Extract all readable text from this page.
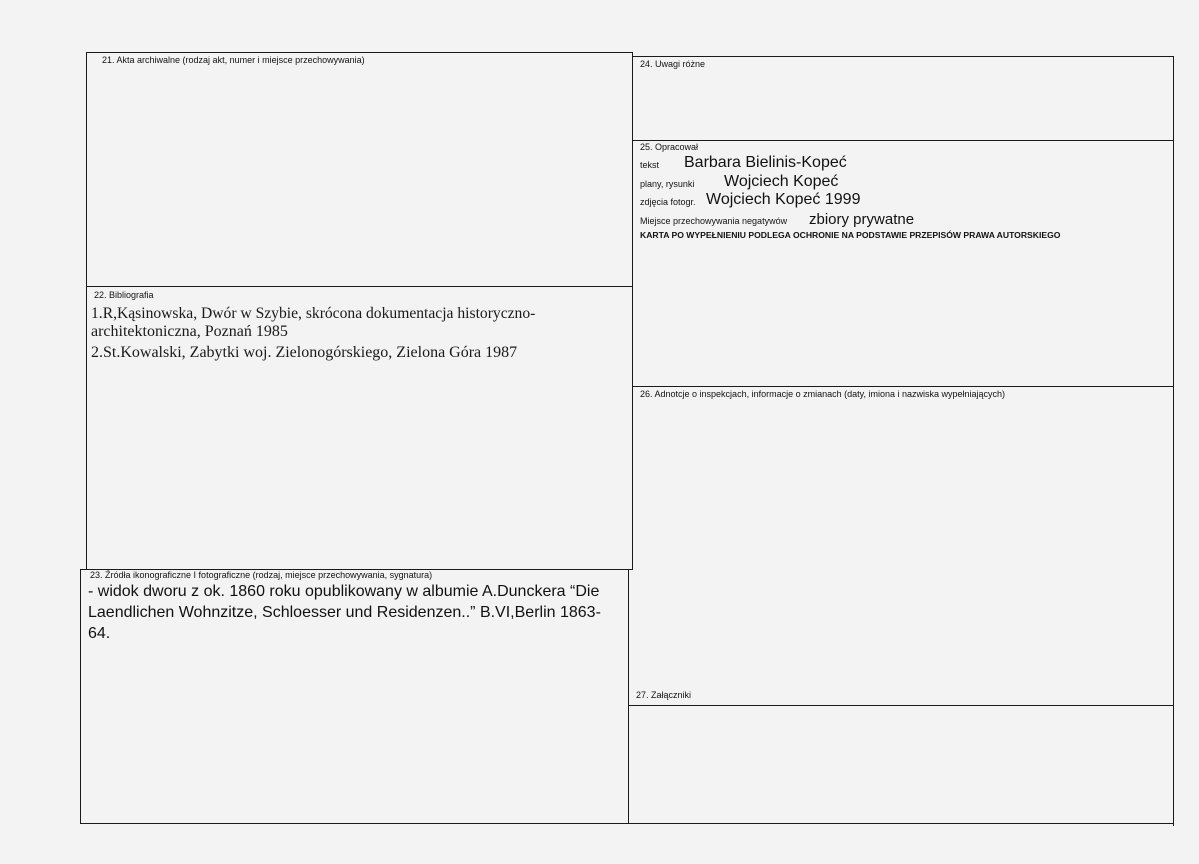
21. Akta archiwalne (rodzaj akt, numer i miejsce przechowywania)
22. Bibliografia
1.R,Kąsinowska, Dwór w Szybie, skrócona dokumentacja historyczno-
architektoniczna, Poznań 1985
2.St.Kowalski, Zabytki woj. Zielonogórskiego, Zielona Góra 1987
23. Źródła ikonograficzne I fotograficzne (rodzaj, miejsce przechowywania, sygnatura)
- widok dworu z ok. 1860 roku opublikowany w albumie A.Dunckera “Die
Laendlichen Wohnzitze, Schloesser und Residenzen..” B.VI,Berlin 1863-
64.
24. Uwagi różne
25. Opracował
tekst Barbara Bielinis-Kopeć
plany, rysunki Wojciech Kopeć
zdjęcia fotogr. Wojciech Kopeć 1999
Miejsce przechowywania negatywów zbiory prywatne
KARTA PO WYPEŁNIENIU PODLEGA OCHRONIE NA PODSTAWIE PRZEPISÓW PRAWA AUTORSKIEGO
26. Adnotcje o inspekcjach, informacje o zmianach (daty, imiona i nazwiska wypełniających)
27. Załączniki
